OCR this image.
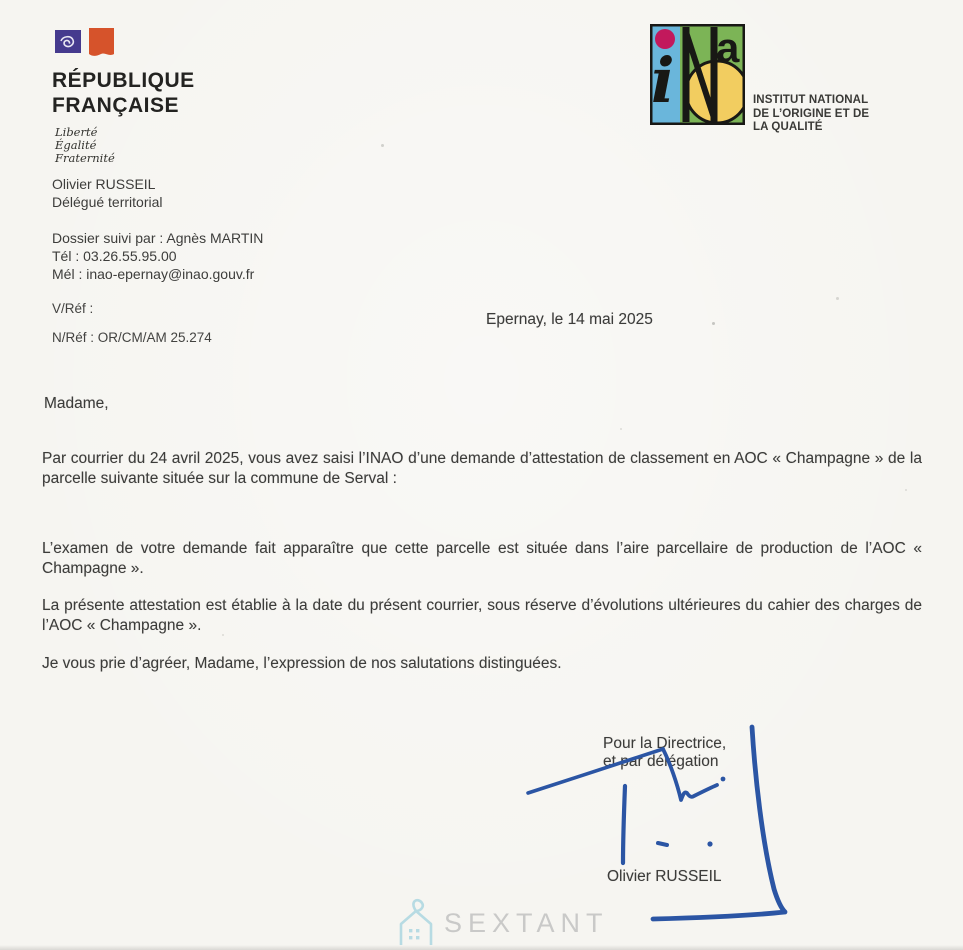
RÉPUBLIQUE
FRANÇAISE
Liberté
Égalité
Fraternité
i a
INSTITUT NATIONAL
DE L’ORIGINE ET DE
LA QUALITÉ
Olivier RUSSEIL
Délégué territorial
Dossier suivi par : Agnès MARTIN
Tél : 03.26.55.95.00
Mél : inao-epernay@inao.gouv.fr
V/Réf :
N/Réf : OR/CM/AM 25.274
Epernay, le 14 mai 2025
Madame,
Par courrier du 24 avril 2025, vous avez saisi l’INAO d’une demande d’attestation de classement en AOC « Champagne » de la parcelle suivante située sur la commune de Serval :
L’examen de votre demande fait apparaître que cette parcelle est située dans l’aire parcellaire de production de l’AOC « Champagne ».
La présente attestation est établie à la date du présent courrier, sous réserve d’évolutions ultérieures du cahier des charges de l’AOC « Champagne ».
Je vous prie d’agréer, Madame, l’expression de nos salutations distinguées.
Pour la Directrice,
et par délégation
Olivier RUSSEIL
SEXTANT
